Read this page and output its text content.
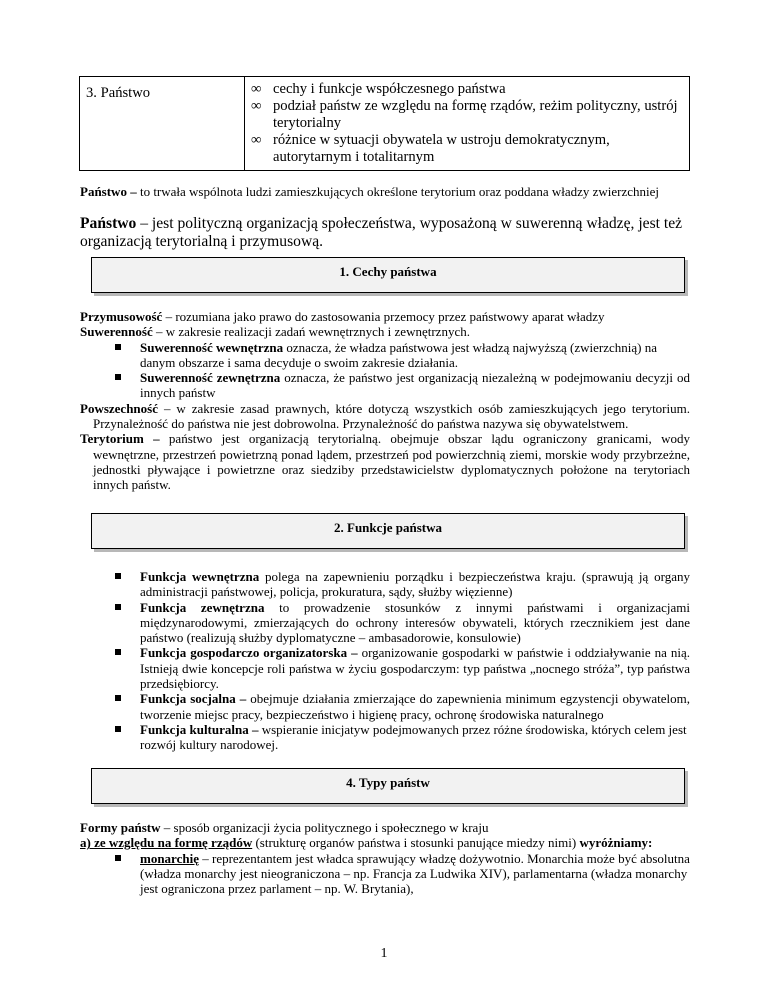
3. Państwo	∞ cechy i funkcje współczesnego państwa
∞ podział państw ze względu na formę rządów, reżim polityczny, ustrój terytorialny
∞ różnice w sytuacji obywatela w ustroju demokratycznym, autorytarnym i totalitarnym
Państwo – to trwała wspólnota ludzi zamieszkujących określone terytorium oraz poddana władzy zwierzchniej
Państwo – jest polityczną organizacją społeczeństwa, wyposażoną w suwerenną władzę, jest też organizacją terytorialną i przymusową.
1. Cechy państwa
Przymusowość – rozumiana jako prawo do zastosowania przemocy przez państwowy aparat władzy
Suwerenność – w zakresie realizacji zadań wewnętrznych i zewnętrznych.
Suwerenność wewnętrzna oznacza, że władza państwowa jest władzą najwyższą (zwierzchnią) na danym obszarze i sama decyduje o swoim zakresie działania.
Suwerenność zewnętrzna oznacza, że państwo jest organizacją niezależną w podejmowaniu decyzji od innych państw
Powszechność – w zakresie zasad prawnych, które dotyczą wszystkich osób zamieszkujących jego terytorium. Przynależność do państwa nie jest dobrowolna. Przynależność do państwa nazywa się obywatelstwem.
Terytorium – państwo jest organizacją terytorialną. obejmuje obszar lądu ograniczony granicami, wody wewnętrzne, przestrzeń powietrzną ponad lądem, przestrzeń pod powierzchnią ziemi, morskie wody przybrzeżne, jednostki pływające i powietrzne oraz siedziby przedstawicielstw dyplomatycznych położone na terytoriach innych państw.
2. Funkcje państwa
Funkcja wewnętrzna polega na zapewnieniu porządku i bezpieczeństwa kraju. (sprawują ją organy administracji państwowej, policja, prokuratura, sądy, służby więzienne)
Funkcja zewnętrzna to prowadzenie stosunków z innymi państwami i organizacjami międzynarodowymi, zmierzających do ochrony interesów obywateli, których rzecznikiem jest dane państwo (realizują służby dyplomatyczne – ambasadorowie, konsulowie)
Funkcja gospodarczo organizatorska – organizowanie gospodarki w państwie i oddziaływanie na nią. Istnieją dwie koncepcje roli państwa w życiu gospodarczym: typ państwa „nocnego stróża”, typ państwa przedsiębiorcy.
Funkcja socjalna – obejmuje działania zmierzające do zapewnienia minimum egzystencji obywatelom, tworzenie miejsc pracy, bezpieczeństwo i higienę pracy, ochronę środowiska naturalnego
Funkcja kulturalna – wspieranie inicjatyw podejmowanych przez różne środowiska, których celem jest rozwój kultury narodowej.
4. Typy państw
Formy państw – sposób organizacji życia politycznego i społecznego w kraju
a) ze względu na formę rządów (strukturę organów państwa i stosunki panujące miedzy nimi) wyróżniamy:
monarchię – reprezentantem jest władca sprawujący władzę dożywotnio. Monarchia może być absolutna (władza monarchy jest nieograniczona – np. Francja za Ludwika XIV), parlamentarna (władza monarchy jest ograniczona przez parlament – np. W. Brytania),
1
